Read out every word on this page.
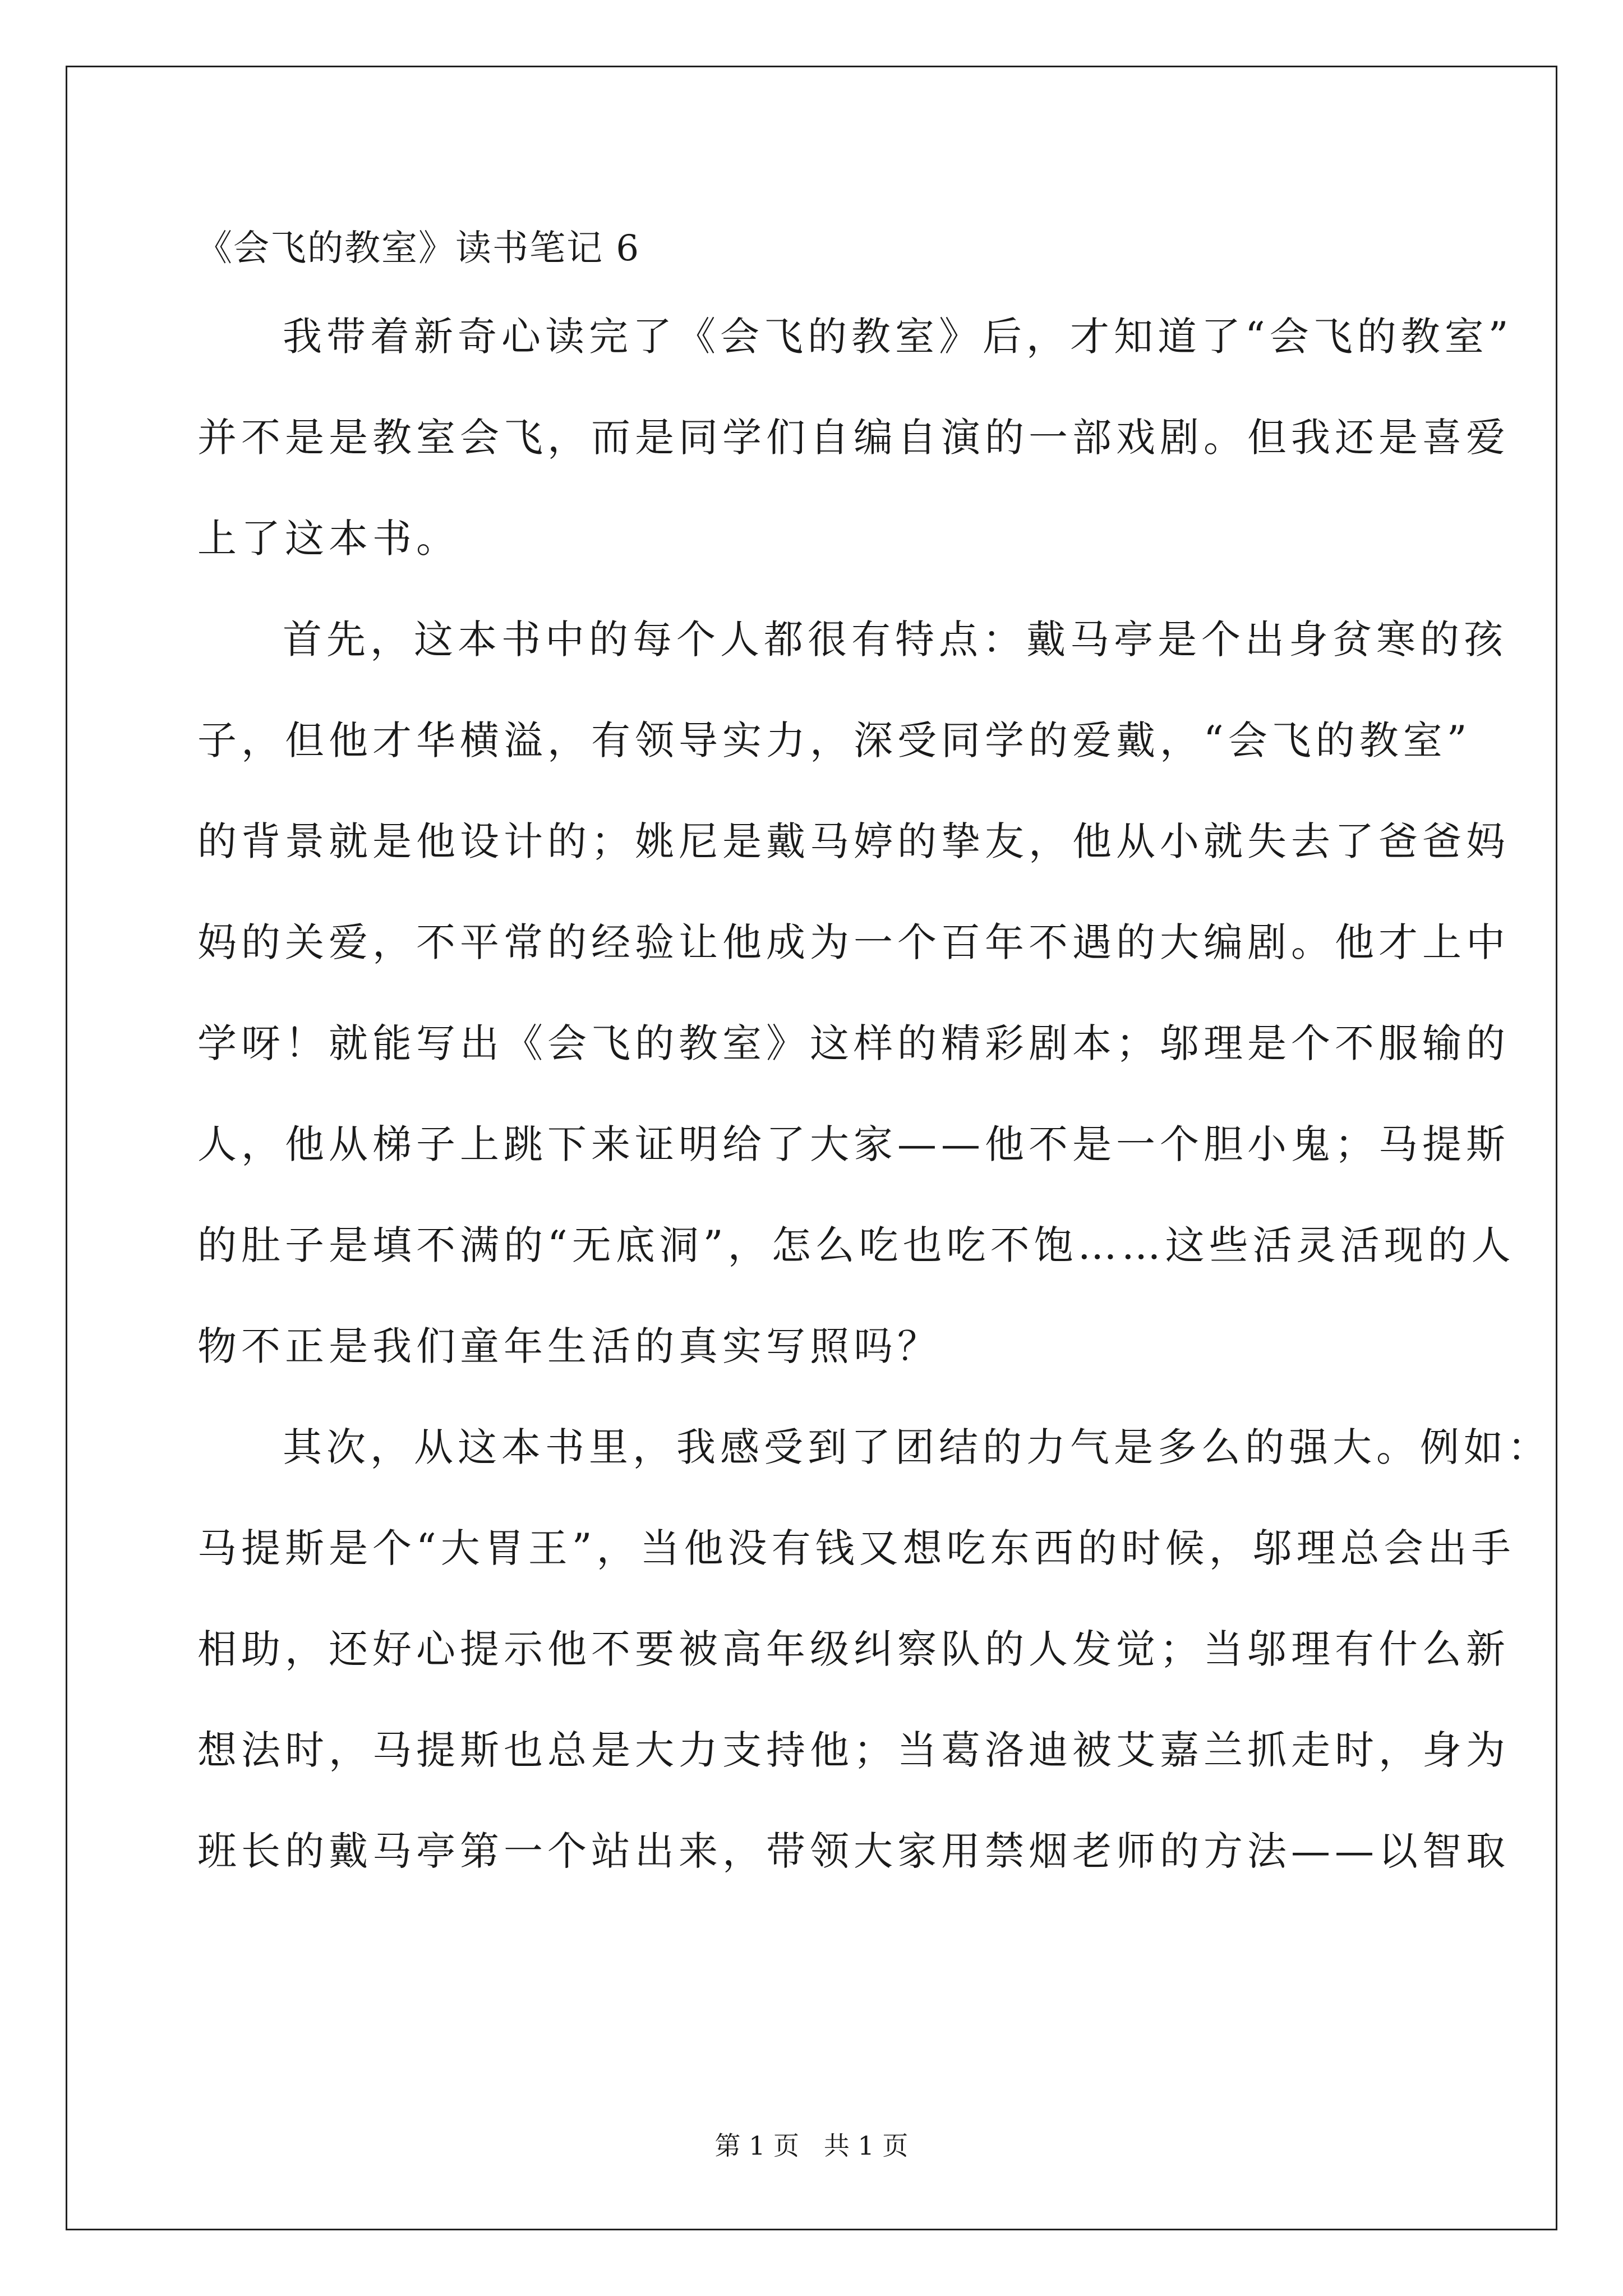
《会飞的教室》读书笔记 6
我带着新奇心读完了《会飞的教室》后，才知道了“会飞的教室”
并不是是教室会飞，而是同学们自编自演的一部戏剧。但我还是喜爱
上了这本书。
首先，这本书中的每个人都很有特点：戴马亭是个出身贫寒的孩
子，但他才华横溢，有领导实力，深受同学的爱戴，“会飞的教室”
的背景就是他设计的；姚尼是戴马婷的挚友，他从小就失去了爸爸妈
妈的关爱，不平常的经验让他成为一个百年不遇的大编剧。他才上中
学呀！就能写出《会飞的教室》这样的精彩剧本；邬理是个不服输的
人，他从梯子上跳下来证明给了大家——他不是一个胆小鬼；马提斯
的肚子是填不满的“无底洞”，怎么吃也吃不饱……这些活灵活现的人
物不正是我们童年生活的真实写照吗？
其次，从这本书里，我感受到了团结的力气是多么的强大。例如：
马提斯是个“大胃王”，当他没有钱又想吃东西的时候，邬理总会出手
相助，还好心提示他不要被高年级纠察队的人发觉；当邬理有什么新
想法时，马提斯也总是大力支持他；当葛洛迪被艾嘉兰抓走时，身为
班长的戴马亭第一个站出来，带领大家用禁烟老师的方法——以智取
第 1 页   共 1 页
